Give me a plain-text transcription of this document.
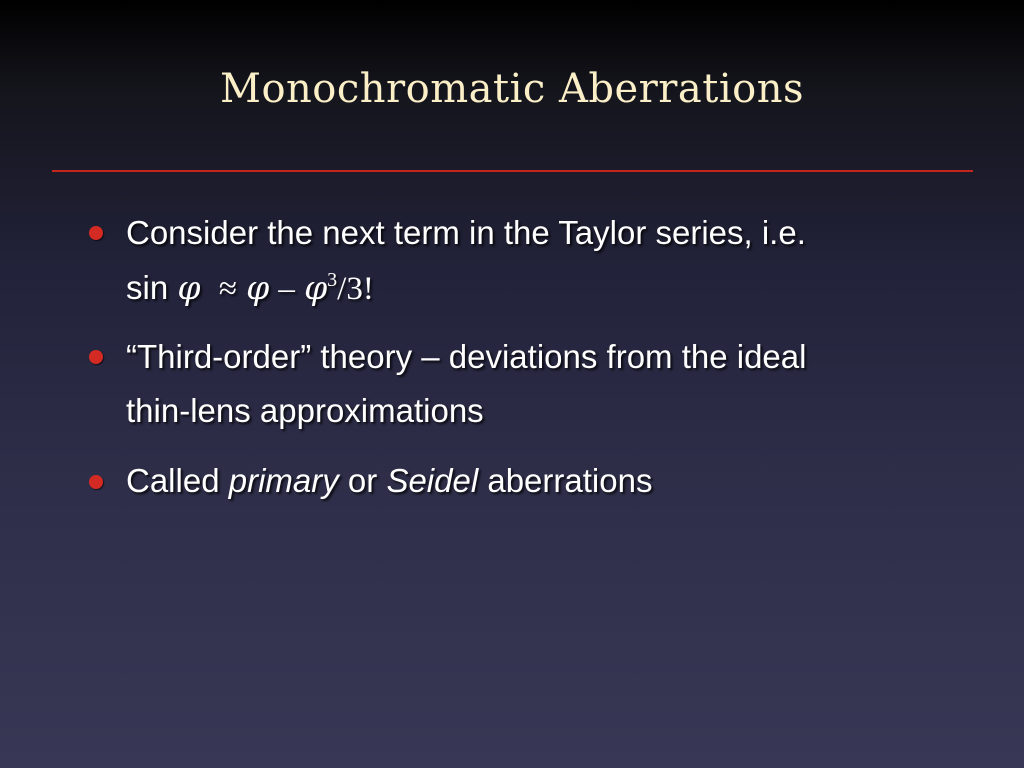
Monochromatic Aberrations
Consider the next term in the Taylor series, i.e.
$\sin \varphi \approx \varphi - \varphi^3/3$!
“Third-order” theory – deviations from the ideal
thin-lens approximations
Called primary or Seidel aberrations
